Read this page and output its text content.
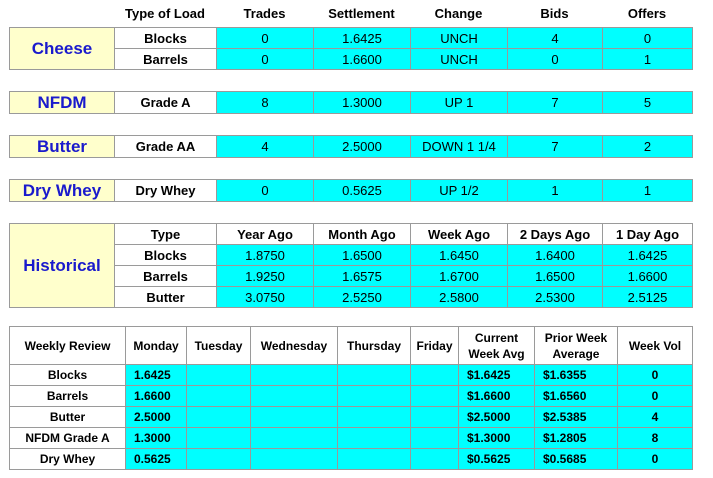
	Type of Load	Trades	Settlement	Change	Bids	Offers
Cheese	Blocks	0	1.6425	UNCH	4	0
	Barrels	0	1.6600	UNCH	0	1
NFDM	Grade A	8	1.3000	UP 1	7	5
Butter	Grade AA	4	2.5000	DOWN 1 1/4	7	2
Dry Whey	Dry Whey	0	0.5625	UP 1/2	1	1
Historical	Type	Year Ago	Month Ago	Week Ago	2 Days Ago	1 Day Ago
	Blocks	1.8750	1.6500	1.6450	1.6400	1.6425
	Barrels	1.9250	1.6575	1.6700	1.6500	1.6600
	Butter	3.0750	2.5250	2.5800	2.5300	2.5125
Weekly Review	Monday	Tuesday	Wednesday	Thursday	Friday	Current Week Avg	Prior Week Average	Week Vol
Blocks	1.6425					$1.6425	$1.6355	0
Barrels	1.6600					$1.6600	$1.6560	0
Butter	2.5000					$2.5000	$2.5385	4
NFDM Grade A	1.3000					$1.3000	$1.2805	8
Dry Whey	0.5625					$0.5625	$0.5685	0
